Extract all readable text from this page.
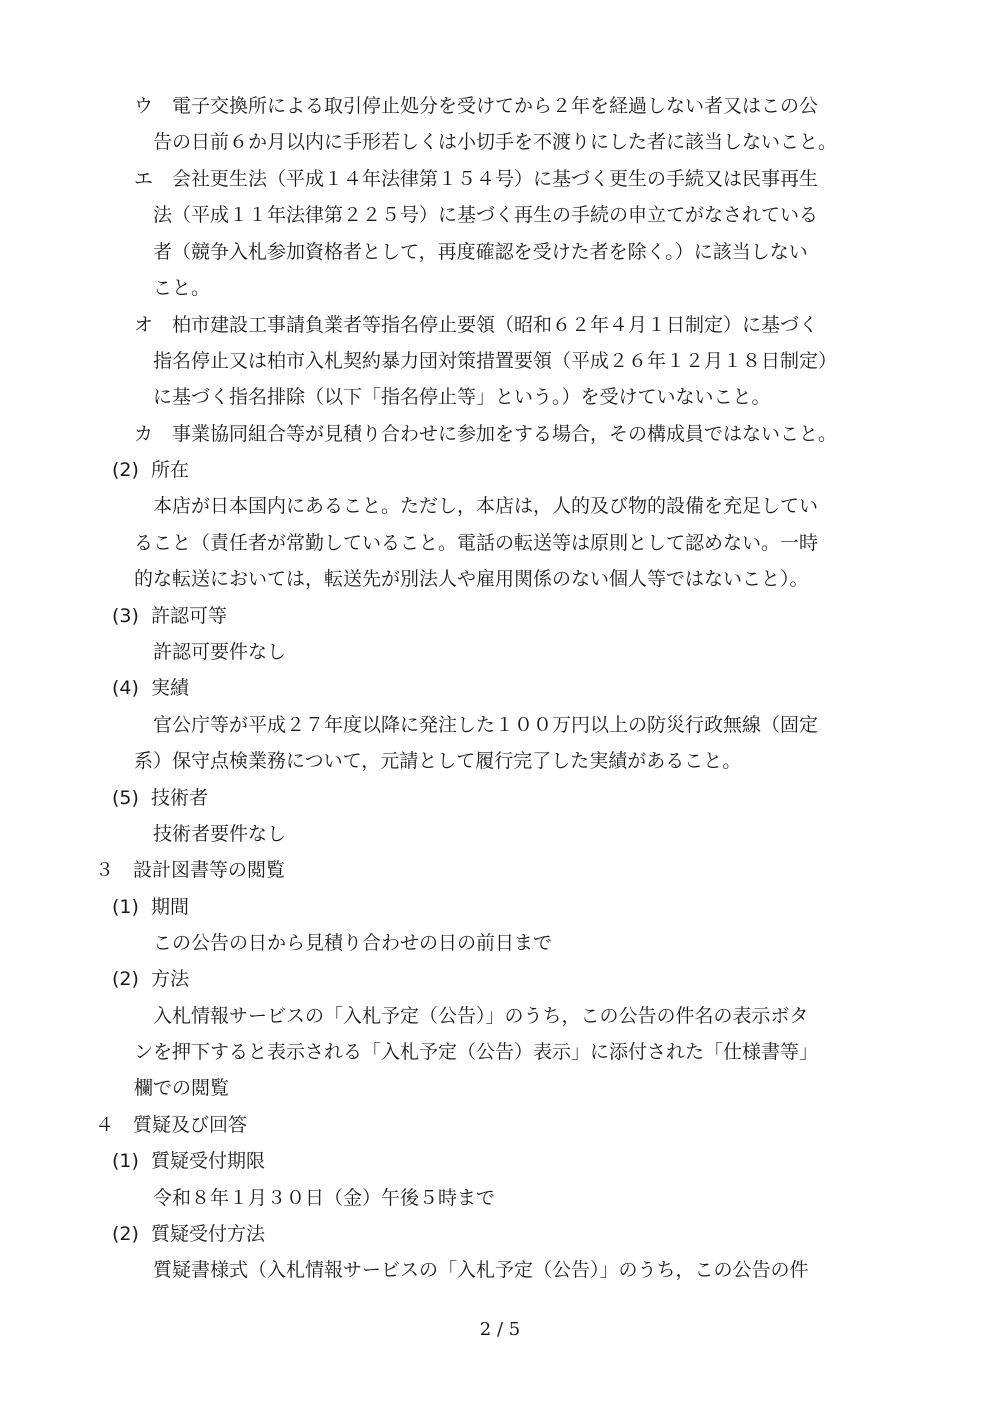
ウ　電子交換所による取引停止処分を受けてから２年を経過しない者又はこの公
告の日前６か月以内に手形若しくは小切手を不渡りにした者に該当しないこと。
エ　会社更生法（平成１４年法律第１５４号）に基づく更生の手続又は民事再生
法（平成１１年法律第２２５号）に基づく再生の手続の申立てがなされている
者（競争入札参加資格者として，再度確認を受けた者を除く。）に該当しない
こと。
オ　柏市建設工事請負業者等指名停止要領（昭和６２年４月１日制定）に基づく
指名停止又は柏市入札契約暴力団対策措置要領（平成２６年１２月１８日制定）
に基づく指名排除（以下「指名停止等」という。）を受けていないこと。
カ　事業協同組合等が見積り合わせに参加をする場合，その構成員ではないこと。
(2)  所在
本店が日本国内にあること。ただし，本店は，人的及び物的設備を充足してい
ること（責任者が常勤していること。電話の転送等は原則として認めない。一時
的な転送においては，転送先が別法人や雇用関係のない個人等ではないこと）。
(3)  許認可等
許認可要件なし
(4)  実績
官公庁等が平成２７年度以降に発注した１００万円以上の防災行政無線（固定
系）保守点検業務について，元請として履行完了した実績があること。
(5)  技術者
技術者要件なし
３　設計図書等の閲覧
(1)  期間
この公告の日から見積り合わせの日の前日まで
(2)  方法
入札情報サービスの「入札予定（公告）」のうち，この公告の件名の表示ボタ
ンを押下すると表示される「入札予定（公告）表示」に添付された「仕様書等」
欄での閲覧
４　質疑及び回答
(1)  質疑受付期限
令和８年１月３０日（金）午後５時まで
(2)  質疑受付方法
質疑書様式（入札情報サービスの「入札予定（公告）」のうち，この公告の件
2 / 5
